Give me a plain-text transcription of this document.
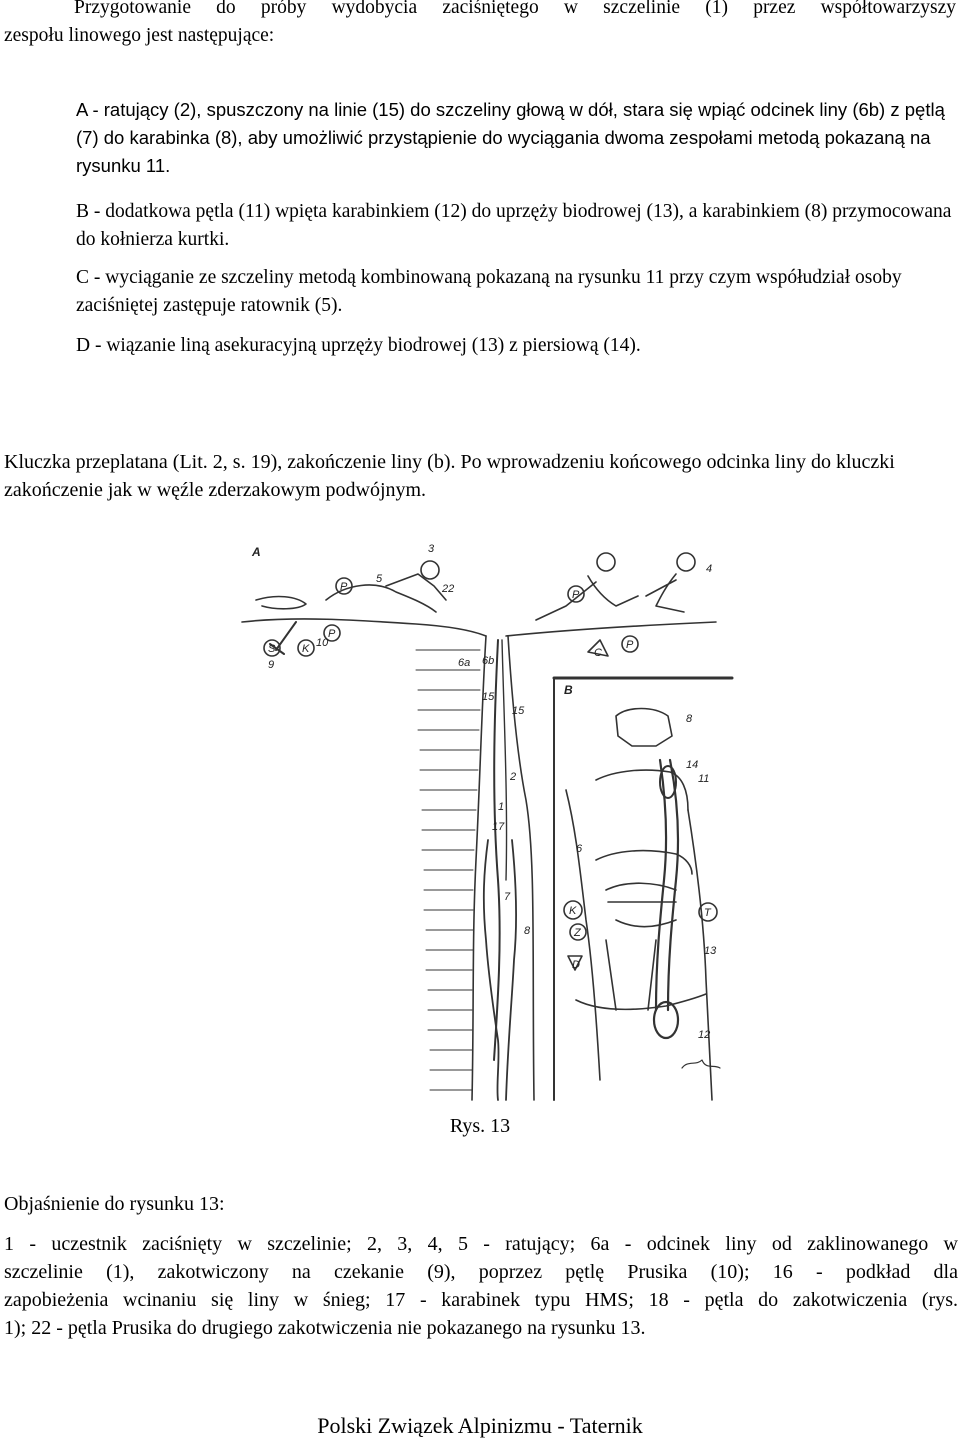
Przygotowanie do próby wydobycia zaciśniętego w szczelinie (1) przez współtowarzyszy
zespołu linowego jest następujące:

A - ratujący (2), spuszczony na linie (15) do szczeliny głową w dół, stara się wpiąć odcinek liny (6b) z pętlą (7) do karabinka (8), aby umożliwić przystąpienie do wyciągania dwoma zespołami metodą pokazaną na rysunku 11.

B - dodatkowa pętla (11) wpięta karabinkiem (12) do uprzęży biodrowej (13), a karabinkiem (8) przymocowana do kołnierza kurtki.

C - wyciąganie ze szczeliny metodą kombinowaną pokazaną na rysunku 11 przy czym współudział osoby zaciśniętej zastępuje ratownik (5).

D - wiązanie liną asekuracyjną uprzęży biodrowej (13) z piersiową (14).

Kluczka przeplatana (Lit. 2, s. 19), zakończenie liny (b). Po wprowadzeniu końcowego odcinka liny do kluczki zakończenie jak w węźle zderzakowym podwójnym.

A
B
P
P
P
P
S K	C
K
Z
D
T
1
2
3
4
5
6
6a 6b
7
8
8
9
10
11
12
13
14
15
15
17
22

Rys. 13

Objaśnienie do rysunku 13:

1 - uczestnik zaciśnięty w szczelinie; 2, 3, 4, 5 - ratujący; 6a - odcinek liny od zaklinowanego w
szczelinie (1), zakotwiczony na czekanie (9), poprzez pętlę Prusika (10); 16 - podkład dla
zapobieżenia wcinaniu się liny w śnieg; 17 - karabinek typu HMS; 18 - pętla do zakotwiczenia (rys.
1); 22 - pętla Prusika do drugiego zakotwiczenia nie pokazanego na rysunku 13.

Polski Związek Alpinizmu - Taternik
